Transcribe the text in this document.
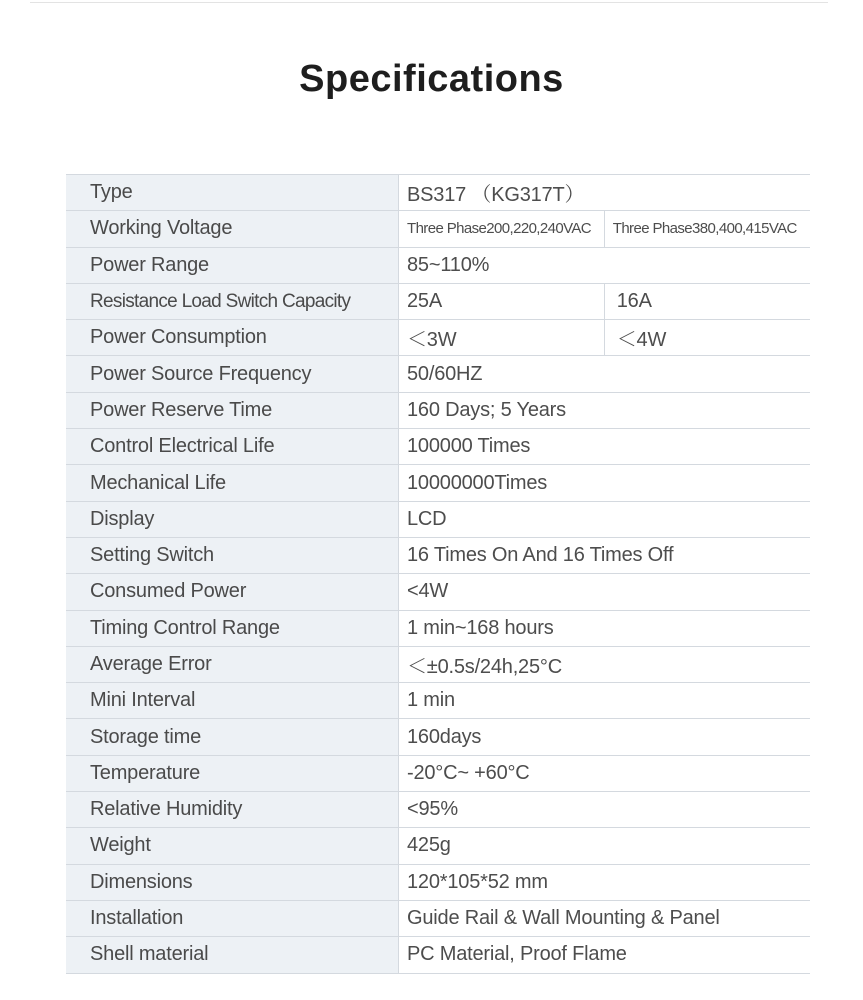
Specifications
Type	BS317 （KG317T）	
Working Voltage	Three Phase200,220,240VAC	Three Phase380,400,415VAC
Power Range	85~110%	
Resistance Load Switch Capacity	25A	16A
Power Consumption	＜3W	＜4W
Power Source Frequency	50/60HZ	
Power Reserve Time	160 Days; 5 Years	
Control Electrical Life	100000 Times	
Mechanical Life	10000000Times	
Display	LCD	
Setting Switch	16 Times On And 16 Times Off	
Consumed Power	<4W	
Timing Control Range	1 min~168 hours	
Average Error	＜±0.5s/24h,25°C	
Mini Interval	1 min	
Storage time	160days	
Temperature	-20°C~ +60°C	
Relative Humidity	<95%	
Weight	425g	
Dimensions	120*105*52 mm	
Installation	Guide Rail & Wall Mounting & Panel	
Shell material	PC Material, Proof Flame	
